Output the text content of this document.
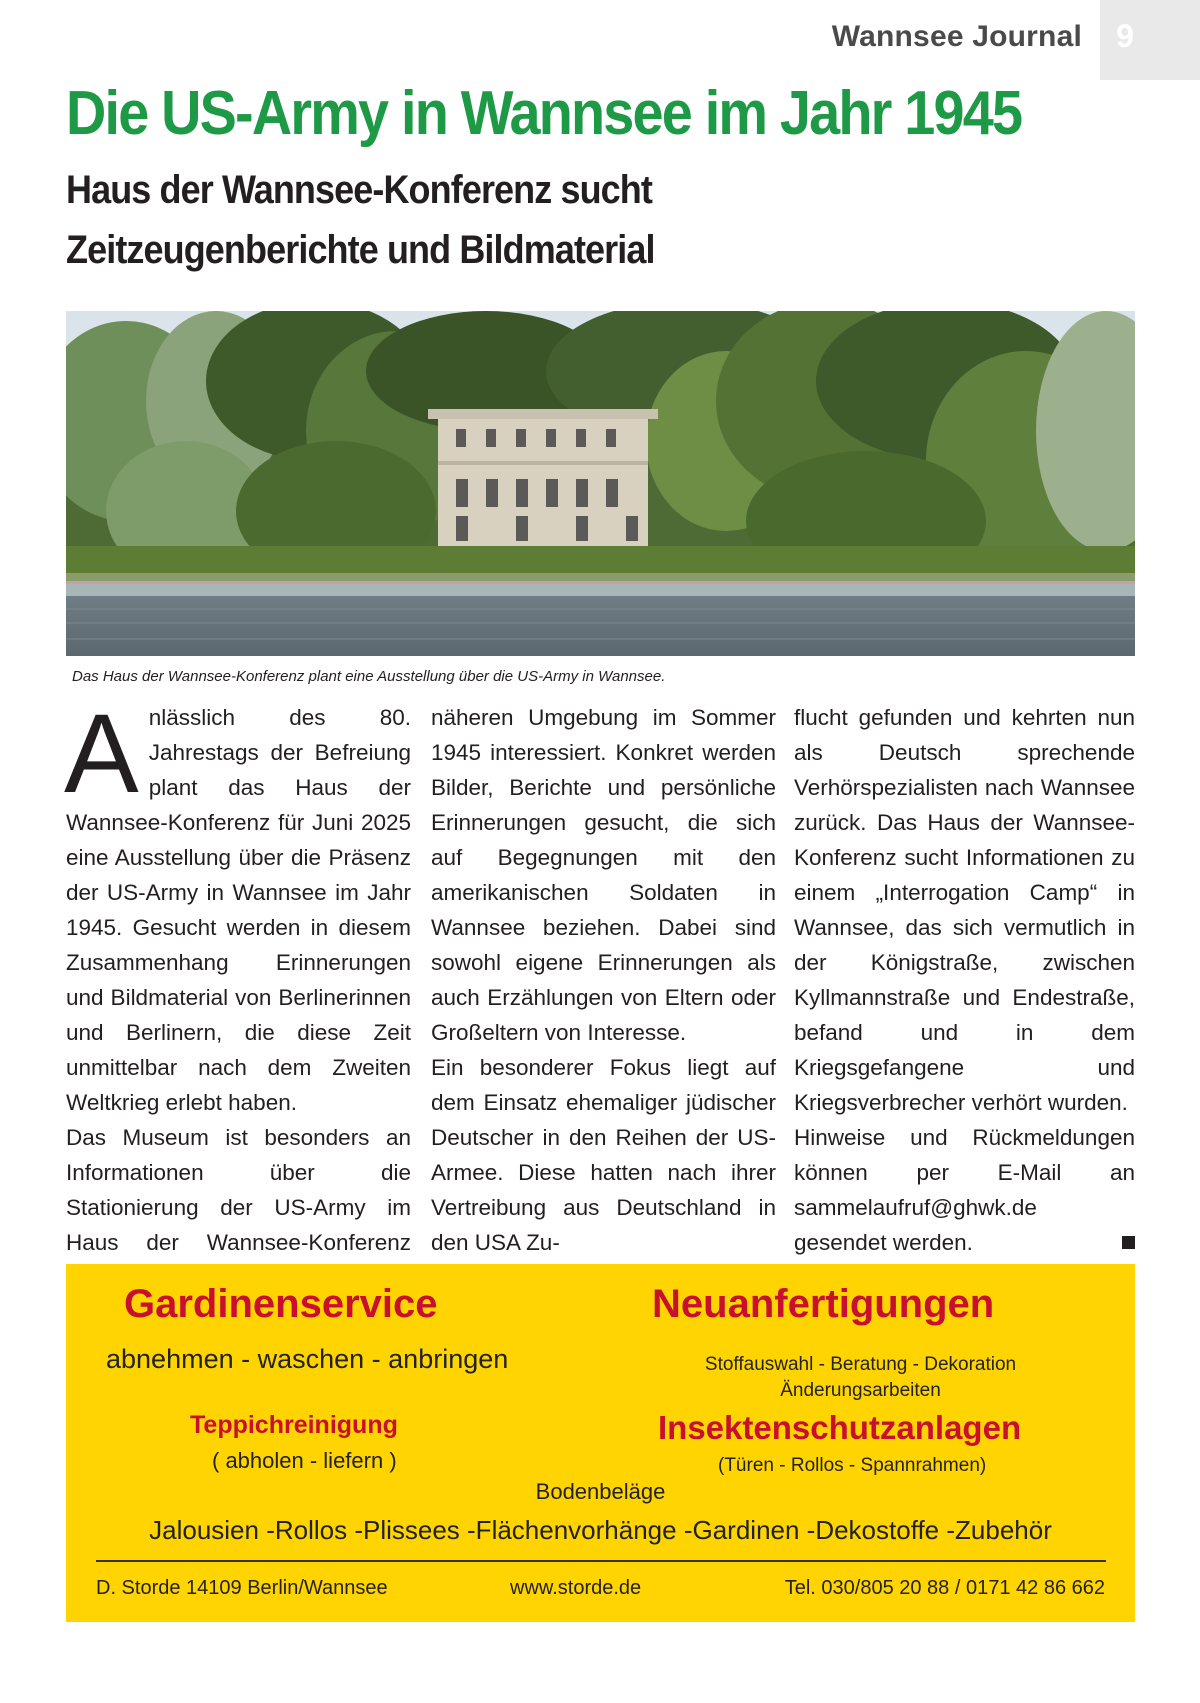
Wannsee Journal	9
Die US-Army in Wannsee im Jahr 1945
Haus der Wannsee-Konferenz sucht
Zeitzeugenberichte und Bildmaterial
Das Haus der Wannsee-Konferenz plant eine Ausstellung über die US-Army in Wannsee.
A nlässlich des 80. Jahrestags der Befreiung plant das Haus der Wannsee-Konferenz für Juni 2025 eine Ausstellung über die Präsenz der US-Army in Wannsee im Jahr 1945. Gesucht werden in diesem Zusammenhang Erinnerungen und Bildmaterial von Berlinerinnen und Berlinern, die diese Zeit unmittelbar nach dem Zweiten Weltkrieg erlebt haben.

Das Museum ist besonders an Informationen über die Stationierung der US-Army im Haus der Wannsee-Konferenz

näheren Umgebung im Sommer 1945 interessiert. Konkret werden Bilder, Berichte und persönliche Erinnerungen gesucht, die sich auf Begegnungen mit den amerikanischen Soldaten in Wannsee beziehen. Dabei sind sowohl eigene Erinnerungen als auch Erzählungen von Eltern oder Großeltern von Interesse.

Ein besonderer Fokus liegt auf dem Einsatz ehemaliger jüdischer Deutscher in den Reihen der US-Armee. Diese hatten nach ihrer Vertreibung aus Deutschland in den USA Zu-

flucht gefunden und kehrten nun als Deutsch sprechende Verhörspezialisten nach Wannsee zurück. Das Haus der Wannsee-Konferenz sucht Informationen zu einem „Interrogation Camp“ in Wannsee, das sich vermutlich in der Königstraße, zwischen Kyllmannstraße und Endestraße, befand und in dem Kriegsgefangene und Kriegsverbrecher verhört wurden.

Hinweise und Rückmeldungen können per E-Mail an sammelaufruf@ghwk.de gesendet werden.

Gardinenservice
abnehmen - waschen - anbringen
Neuanfertigungen
Stoffauswahl - Beratung - Dekoration
Änderungsarbeiten
Teppichreinigung
( abholen - liefern )
Insektenschutzanlagen
(Türen - Rollos - Spannrahmen)
Bodenbeläge
Jalousien -Rollos -Plissees -Flächenvorhänge -Gardinen -Dekostoffe -Zubehör
D. Storde 14109 Berlin/Wannsee	www.storde.de	Tel. 030/805 20 88 / 0171 42 86 662
